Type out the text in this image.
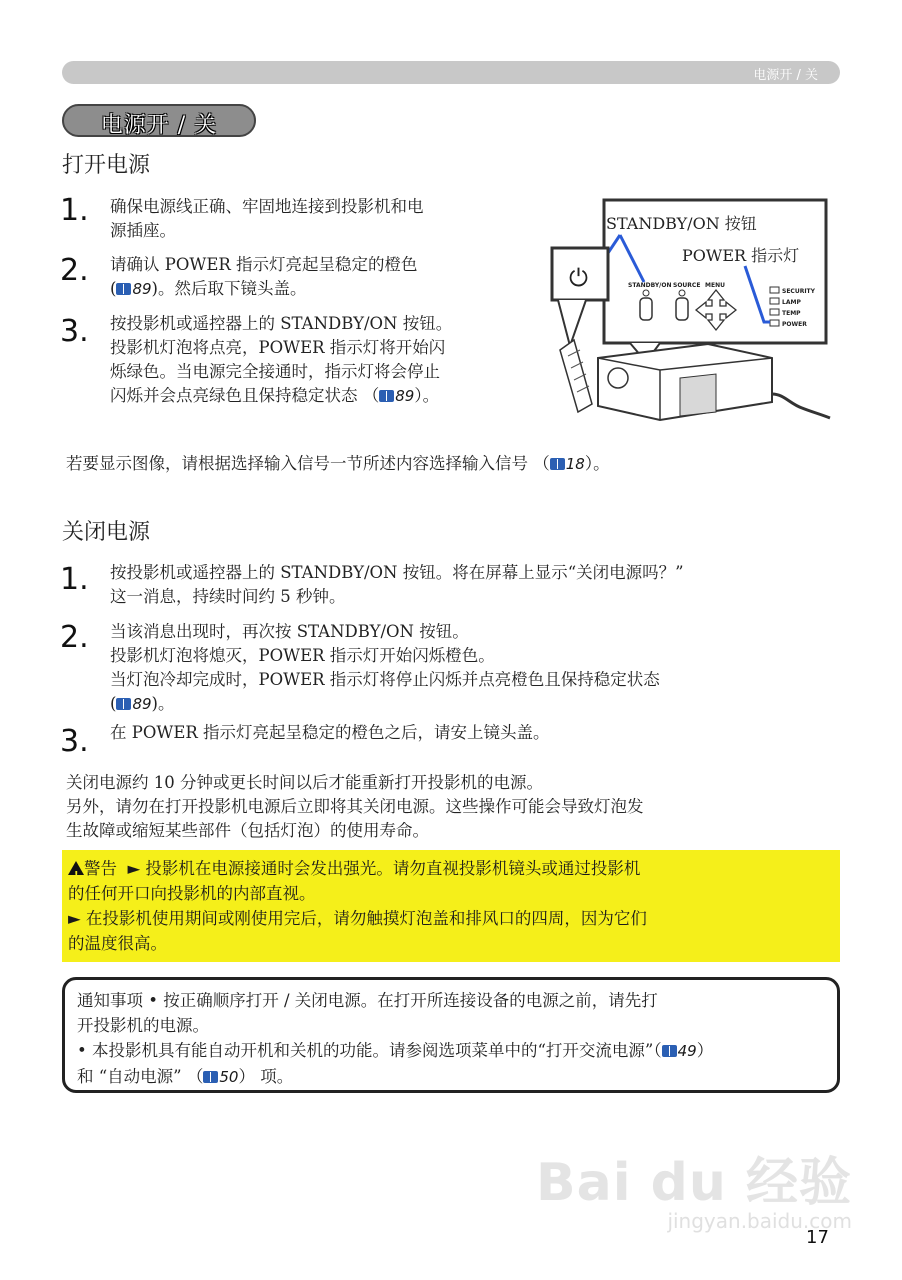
电源开 / 关
电源开 / 关
打开电源
1. 确保电源线正确、牢固地连接到投影机和电
源插座。
2. 请确认 POWER 指示灯亮起呈稳定的橙色
( 89)。然后取下镜头盖。
3. 按投影机或遥控器上的 STANDBY/ON 按钮。
投影机灯泡将点亮，POWER 指示灯将开始闪
烁绿色。当电源完全接通时，指示灯将会停止
闪烁并会点亮绿色且保持稳定状态 （ 89）。
STANDBY/ON 按钮
POWER 指示灯
STANDBY/ON SOURCE MENU
SECURITY
LAMP
TEMP
POWER
⏻
若要显示图像，请根据选择输入信号一节所述内容选择输入信号 （ 18）。
关闭电源
1. 按投影机或遥控器上的 STANDBY/ON 按钮。将在屏幕上显示“关闭电源吗？”
这一消息，持续时间约 5 秒钟。
2. 当该消息出现时，再次按 STANDBY/ON 按钮。
投影机灯泡将熄灭，POWER 指示灯开始闪烁橙色。
当灯泡冷却完成时，POWER 指示灯将停止闪烁并点亮橙色且保持稳定状态
( 89)。
3. 在 POWER 指示灯亮起呈稳定的橙色之后，请安上镜头盖。
关闭电源约 10 分钟或更长时间以后才能重新打开投影机的电源。
另外，请勿在打开投影机电源后立即将其关闭电源。这些操作可能会导致灯泡发
生故障或缩短某些部件（包括灯泡）的使用寿命。
!警告 ► 投影机在电源接通时会发出强光。请勿直视投影机镜头或通过投影机
的任何开口向投影机的内部直视。
► 在投影机使用期间或刚使用完后，请勿触摸灯泡盖和排风口的四周，因为它们
的温度很高。
通知事项 • 按正确顺序打开 / 关闭电源。在打开所连接设备的电源之前，请先打
开投影机的电源。
• 本投影机具有能自动开机和关机的功能。请参阅选项菜单中的“打开交流电源”（ 49）
和 “自动电源” （ 50） 项。
Bai du 经验
jingyan.baidu.com
17
